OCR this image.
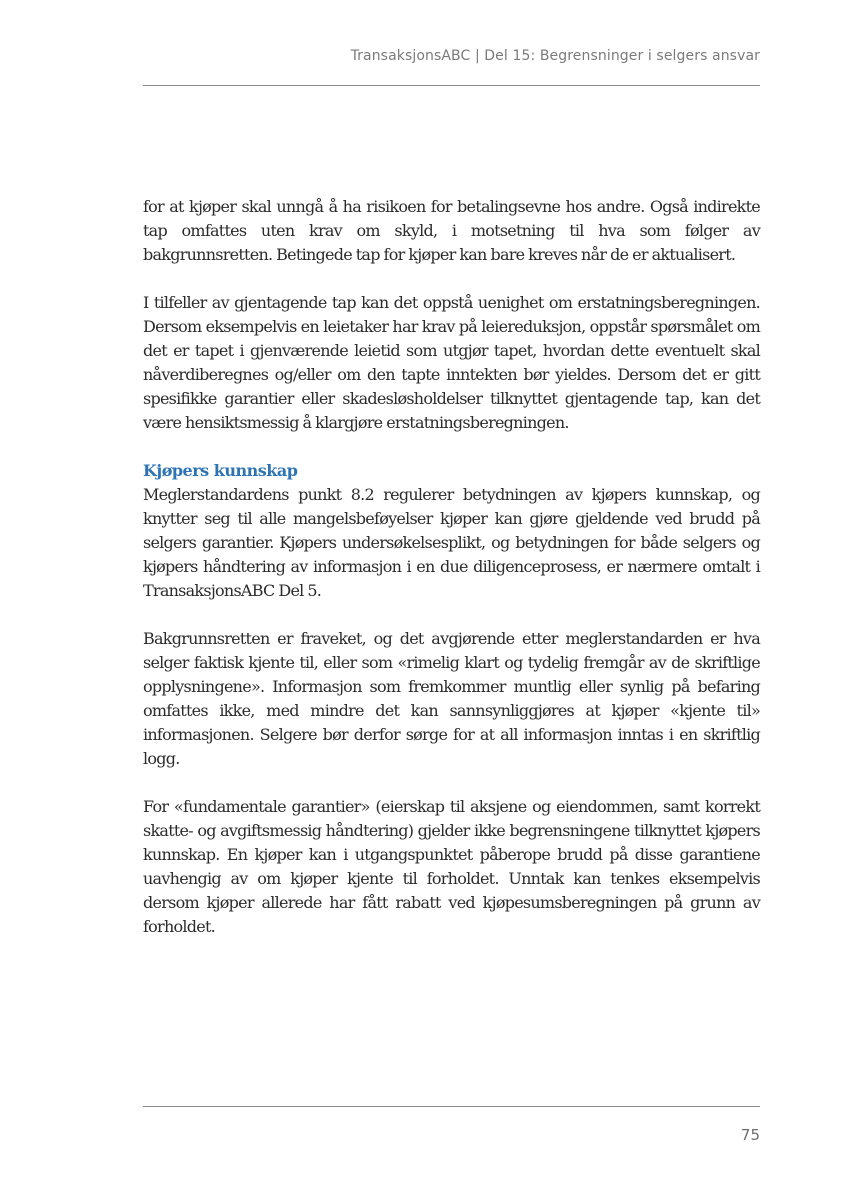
TransaksjonsABC | Del 15: Begrensninger i selgers ansvar

for at kjøper skal unngå å ha risikoen for betalingsevne hos andre. Også indirekte tap omfattes uten krav om skyld, i motsetning til hva som følger av bakgrunnsretten. Betingede tap for kjøper kan bare kreves når de er aktualisert.

I tilfeller av gjentagende tap kan det oppstå uenighet om erstatningsberegningen. Dersom eksempelvis en leietaker har krav på leiereduksjon, oppstår spørsmålet om det er tapet i gjenværende leietid som utgjør tapet, hvordan dette eventuelt skal nåverdiberegnes og/eller om den tapte inntekten bør yieldes. Dersom det er gitt spesifikke garantier eller skadesløsholdelser tilknyttet gjentagende tap, kan det være hensiktsmessig å klargjøre erstatningsberegningen.

Kjøpers kunnskap

Meglerstandardens punkt 8.2 regulerer betydningen av kjøpers kunnskap, og knytter seg til alle mangelsbeføyelser kjøper kan gjøre gjeldende ved brudd på selgers garantier. Kjøpers undersøkelsesplikt, og betydningen for både selgers og kjøpers håndtering av informasjon i en due diligenceprosess, er nærmere omtalt i TransaksjonsABC Del 5.

Bakgrunnsretten er fraveket, og det avgjørende etter meglerstandarden er hva selger faktisk kjente til, eller som «rimelig klart og tydelig fremgår av de skriftlige opplysningene». Informasjon som fremkommer muntlig eller synlig på befaring omfattes ikke, med mindre det kan sannsynliggjøres at kjøper «kjente til» informasjonen. Selgere bør derfor sørge for at all informasjon inntas i en skriftlig logg.

For «fundamentale garantier» (eierskap til aksjene og eiendommen, samt korrekt skatte- og avgiftsmessig håndtering) gjelder ikke begrensningene tilknyttet kjøpers kunnskap. En kjøper kan i utgangspunktet påberope brudd på disse garantiene uavhengig av om kjøper kjente til forholdet. Unntak kan tenkes eksempelvis dersom kjøper allerede har fått rabatt ved kjøpesumsberegningen på grunn av forholdet.

75
